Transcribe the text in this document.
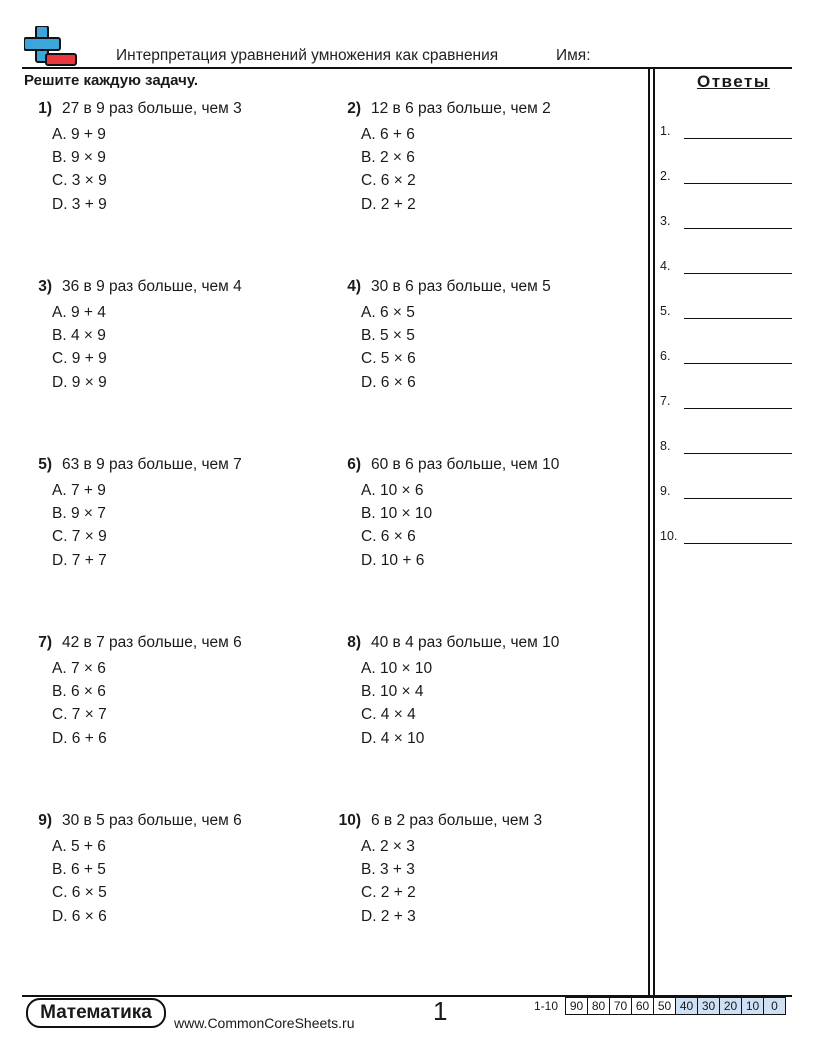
Интерпретация уравнений умножения как сравнения	Имя:
Решите каждую задачу.
1) 27 в 9 раз больше, чем 3
A. 9 + 9
B. 9 × 9
C. 3 × 9
D. 3 + 9
2) 12 в 6 раз больше, чем 2
A. 6 + 6
B. 2 × 6
C. 6 × 2
D. 2 + 2
3) 36 в 9 раз больше, чем 4
A. 9 + 4
B. 4 × 9
C. 9 + 9
D. 9 × 9
4) 30 в 6 раз больше, чем 5
A. 6 × 5
B. 5 × 5
C. 5 × 6
D. 6 × 6
5) 63 в 9 раз больше, чем 7
A. 7 + 9
B. 9 × 7
C. 7 × 9
D. 7 + 7
6) 60 в 6 раз больше, чем 10
A. 10 × 6
B. 10 × 10
C. 6 × 6
D. 10 + 6
7) 42 в 7 раз больше, чем 6
A. 7 × 6
B. 6 × 6
C. 7 × 7
D. 6 + 6
8) 40 в 4 раз больше, чем 10
A. 10 × 10
B. 10 × 4
C. 4 × 4
D. 4 × 10
9) 30 в 5 раз больше, чем 6
A. 5 + 6
B. 6 + 5
C. 6 × 5
D. 6 × 6
10) 6 в 2 раз больше, чем 3
A. 2 × 3
B. 3 + 3
C. 2 + 2
D. 2 + 3
Ответы
1.
2.
3.
4.
5.
6.
7.
8.
9.
10.
Математика	www.CommonCoreSheets.ru	1	1-10 90	80	70	60	50	40	30	20	10	0
